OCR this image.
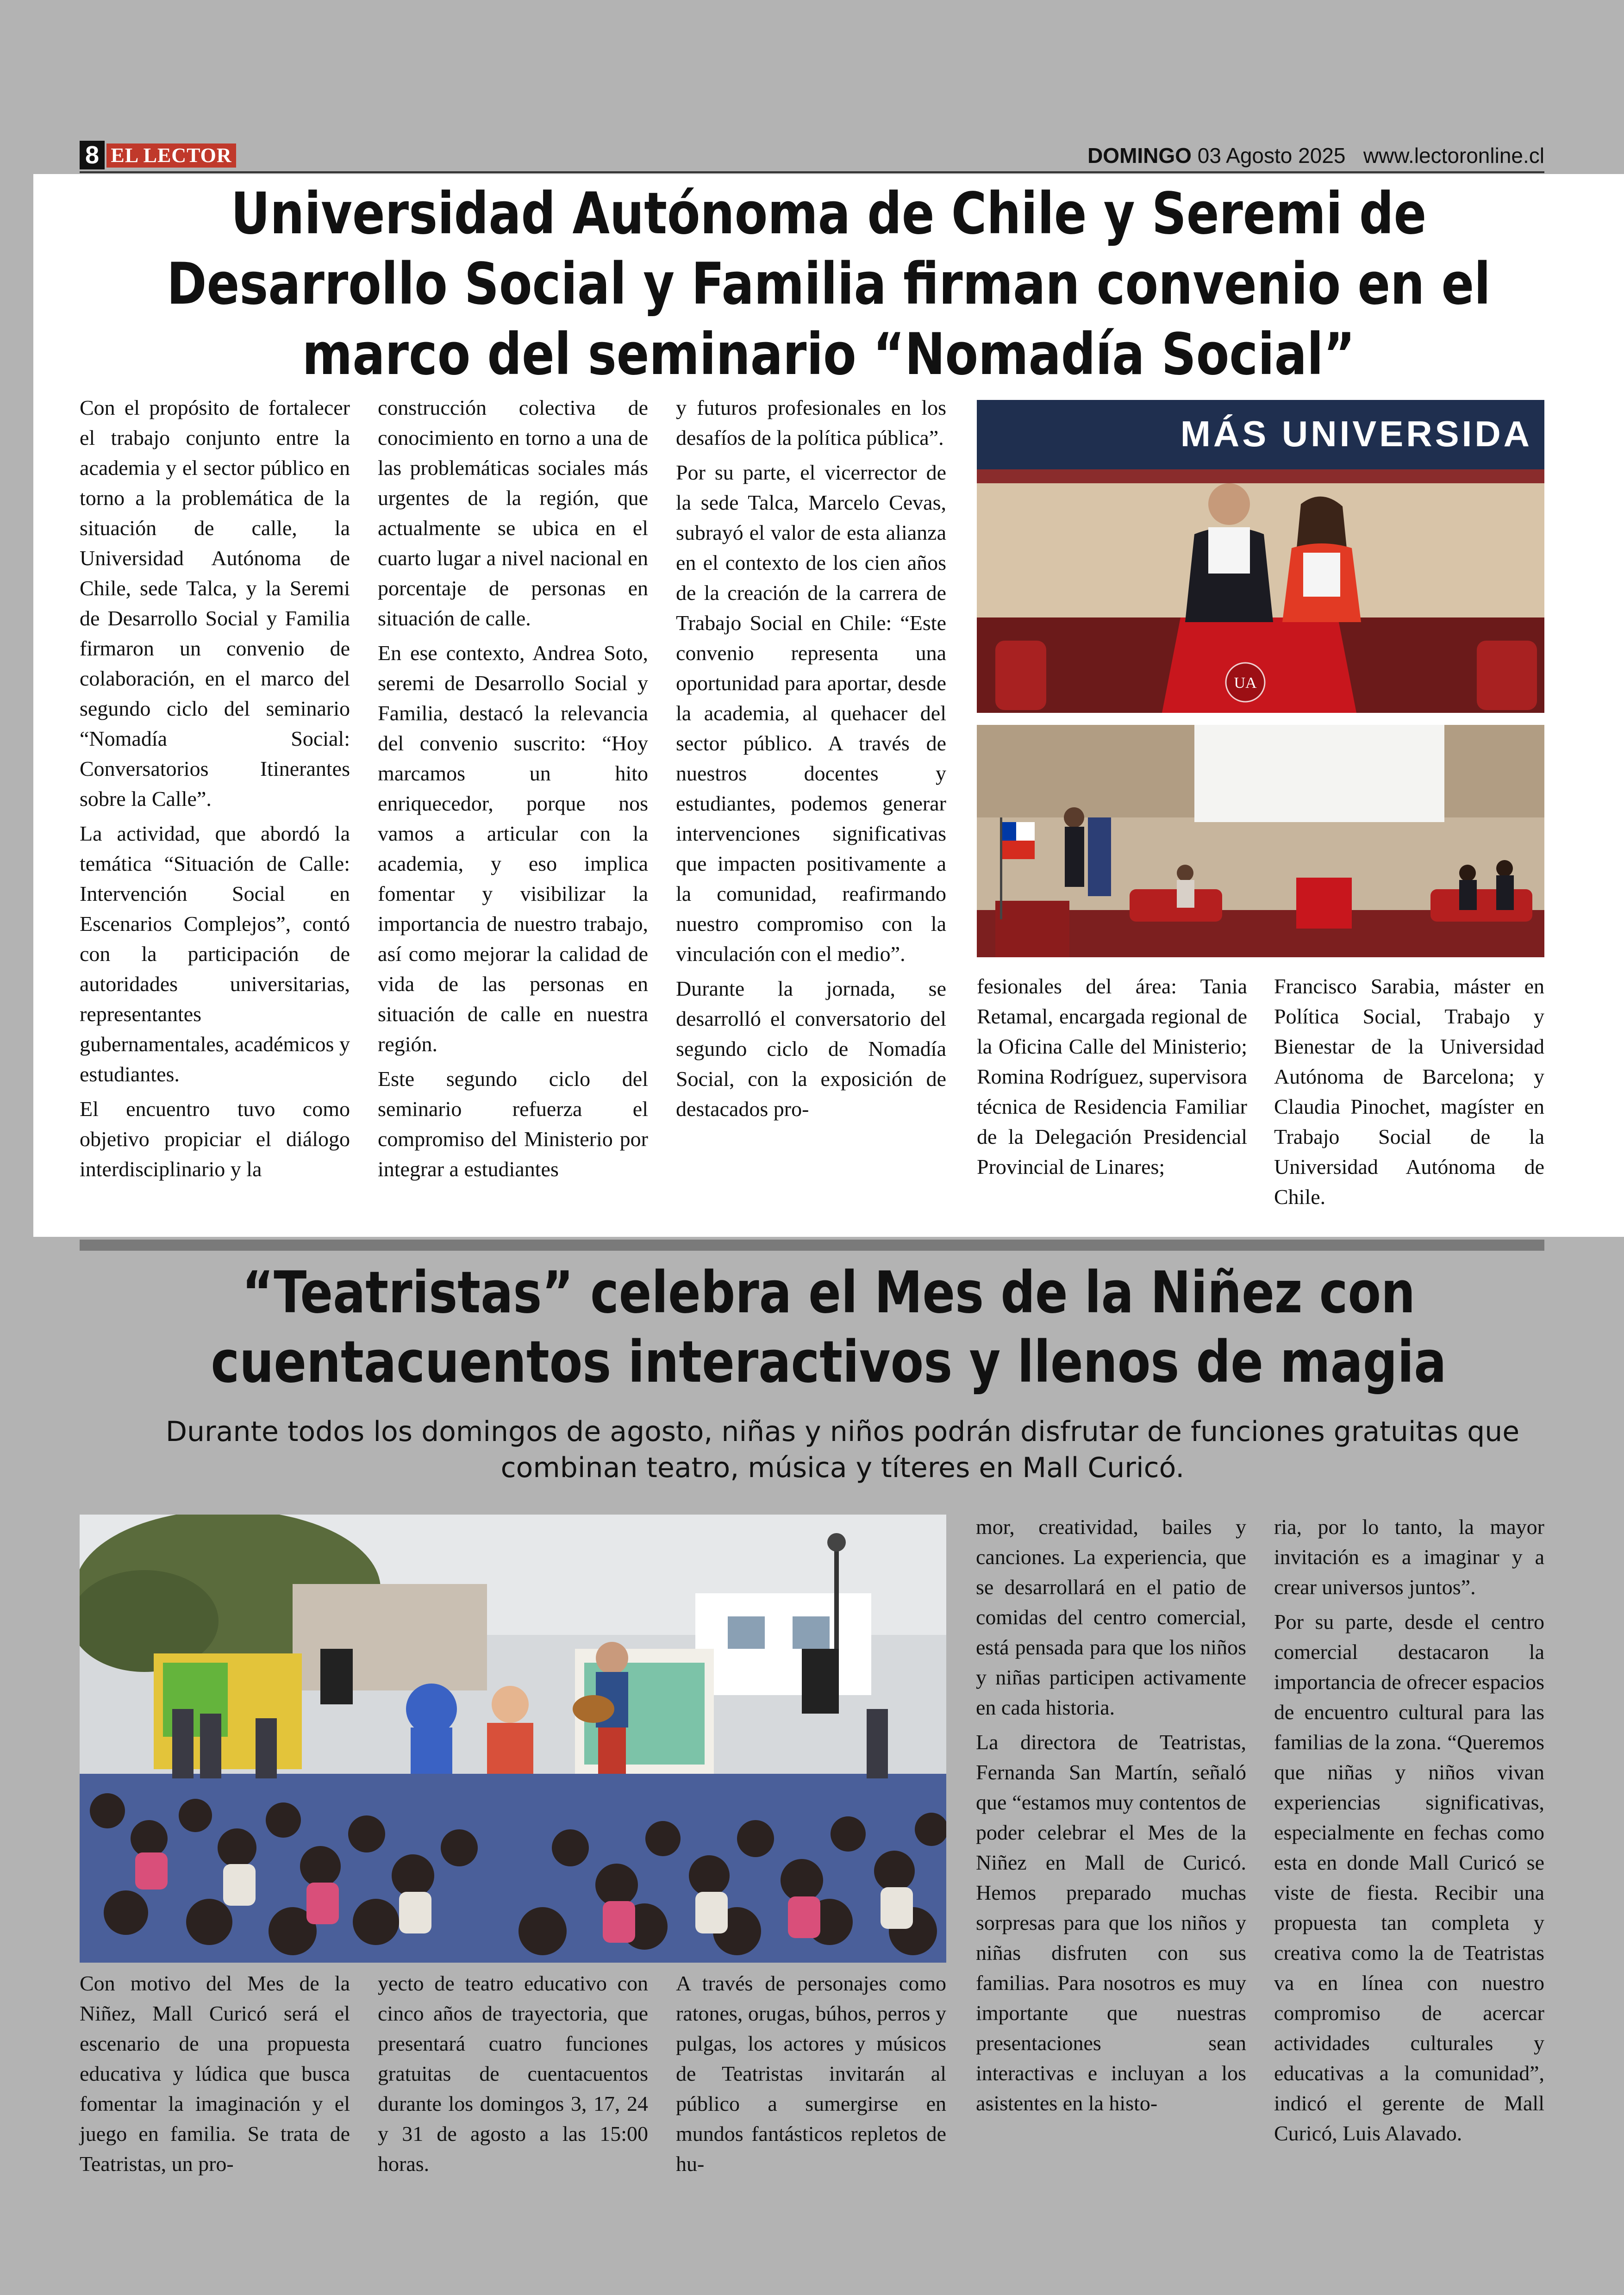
8 EL LECTOR	DOMINGO 03 Agosto 2025 www.lectoronline.cl
Universidad Autónoma de Chile y Seremi de Desarrollo Social y Familia firman convenio en el marco del seminario “Nomadía Social”

Con el propósito de fortalecer el trabajo conjunto entre la academia y el sector público en torno a la problemática de la situación de calle, la Universidad Autónoma de Chile, sede Talca, y la Seremi de Desarrollo Social y Familia firmaron un convenio de colaboración, en el marco del segundo ciclo del seminario “Nomadía Social: Conversatorios Itinerantes sobre la Calle”.

La actividad, que abordó la temática “Situación de Calle: Intervención Social en Escenarios Complejos”, contó con la participación de autoridades universitarias, representantes gubernamentales, académicos y estudiantes.

El encuentro tuvo como objetivo propiciar el diálogo interdisciplinario y la

construcción colectiva de conocimiento en torno a una de las problemáticas sociales más urgentes de la región, que actualmente se ubica en el cuarto lugar a nivel nacional en porcentaje de personas en situación de calle.

En ese contexto, Andrea Soto, seremi de Desarrollo Social y Familia, destacó la relevancia del convenio suscrito: “Hoy marcamos un hito enriquecedor, porque nos vamos a articular con la academia, y eso implica fomentar y visibilizar la importancia de nuestro trabajo, así como mejorar la calidad de vida de las personas en situación de calle en nuestra región.

Este segundo ciclo del seminario refuerza el compromiso del Ministerio por integrar a estudiantes

y futuros profesionales en los desafíos de la política pública”.

Por su parte, el vicerrector de la sede Talca, Marcelo Cevas, subrayó el valor de esta alianza en el contexto de los cien años de la creación de la carrera de Trabajo Social en Chile: “Este convenio representa una oportunidad para aportar, desde la academia, al quehacer del sector público. A través de nuestros docentes y estudiantes, podemos generar intervenciones significativas que impacten positivamente a la comunidad, reafirmando nuestro compromiso con la vinculación con el medio”.

Durante la jornada, se desarrolló el conversatorio del segundo ciclo de Nomadía Social, con la exposición de destacados pro-

MÁS UNIVERSIDA
UA

fesionales del área: Tania Retamal, encargada regional de la Oficina Calle del Ministerio; Romina Rodríguez, supervisora técnica de Residencia Familiar de la Delegación Presidencial Provincial de Linares;

Francisco Sarabia, máster en Política Social, Trabajo y Bienestar de la Universidad Autónoma de Barcelona; y Claudia Pinochet, magíster en Trabajo Social de la Universidad Autónoma de Chile.

“Teatristas” celebra el Mes de la Niñez con cuentacuentos interactivos y llenos de magia
Durante todos los domingos de agosto, niñas y niños podrán disfrutar de funciones gratuitas que combinan teatro, música y títeres en Mall Curicó.

Con motivo del Mes de la Niñez, Mall Curicó será el escenario de una propuesta educativa y lúdica que busca fomentar la imaginación y el juego en familia. Se trata de Teatristas, un pro-

yecto de teatro educativo con cinco años de trayectoria, que presentará cuatro funciones gratuitas de cuentacuentos durante los domingos 3, 17, 24 y 31 de agosto a las 15:00 horas.

A través de personajes como ratones, orugas, búhos, perros y pulgas, los actores y músicos de Teatristas invitarán al público a sumergirse en mundos fantásticos repletos de hu-

mor, creatividad, bailes y canciones. La experiencia, que se desarrollará en el patio de comidas del centro comercial, está pensada para que los niños y niñas participen activamente en cada historia.

La directora de Teatristas, Fernanda San Martín, señaló que “estamos muy contentos de poder celebrar el Mes de la Niñez en Mall de Curicó. Hemos preparado muchas sorpresas para que los niños y niñas disfruten con sus familias. Para nosotros es muy importante que nuestras presentaciones sean interactivas e incluyan a los asistentes en la histo-

ria, por lo tanto, la mayor invitación es a imaginar y a crear universos juntos”.

Por su parte, desde el centro comercial destacaron la importancia de ofrecer espacios de encuentro cultural para las familias de la zona. “Queremos que niñas y niños vivan experiencias significativas, especialmente en fechas como esta en donde Mall Curicó se viste de fiesta. Recibir una propuesta tan completa y creativa como la de Teatristas va en línea con nuestro compromiso de acercar actividades culturales y educativas a la comunidad”, indicó el gerente de Mall Curicó, Luis Alavado.
